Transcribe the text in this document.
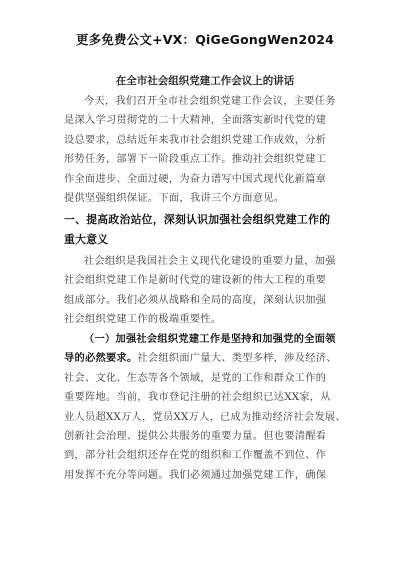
更多免费公文+VX：QiGeGongWen2024
在全市社会组织党建工作会议上的讲话
今天，我们召开全市社会组织党建工作会议，主要任务
是深入学习贯彻党的二十大精神，全面落实新时代党的建
设总要求，总结近年来我市社会组织党建工作成效，分析
形势任务，部署下一阶段重点工作。推动社会组织党建工
作全面进步、全面过硬，为奋力谱写中国式现代化新篇章
提供坚强组织保证。下面，我讲三个方面意见。
一、提高政治站位，深刻认识加强社会组织党建工作的
重大意义
社会组织是我国社会主义现代化建设的重要力量，加强
社会组织党建工作是新时代党的建设新的伟大工程的重要
组成部分。我们必须从战略和全局的高度，深刻认识加强
社会组织党建工作的极端重要性。
（一）加强社会组织党建工作是坚持和加强党的全面领
导的必然要求。社会组织面广量大、类型多样，涉及经济、
社会、文化、生态等各个领域，是党的工作和群众工作的
重要阵地。当前，我市登记注册的社会组织已达XX家，从
业人员超XX万人，党员XX万人，已成为推动经济社会发展、
创新社会治理、提供公共服务的重要力量。但也要清醒看
到，部分社会组织还存在党的组织和工作覆盖不到位、作
用发挥不充分等问题。我们必须通过加强党建工作，确保
